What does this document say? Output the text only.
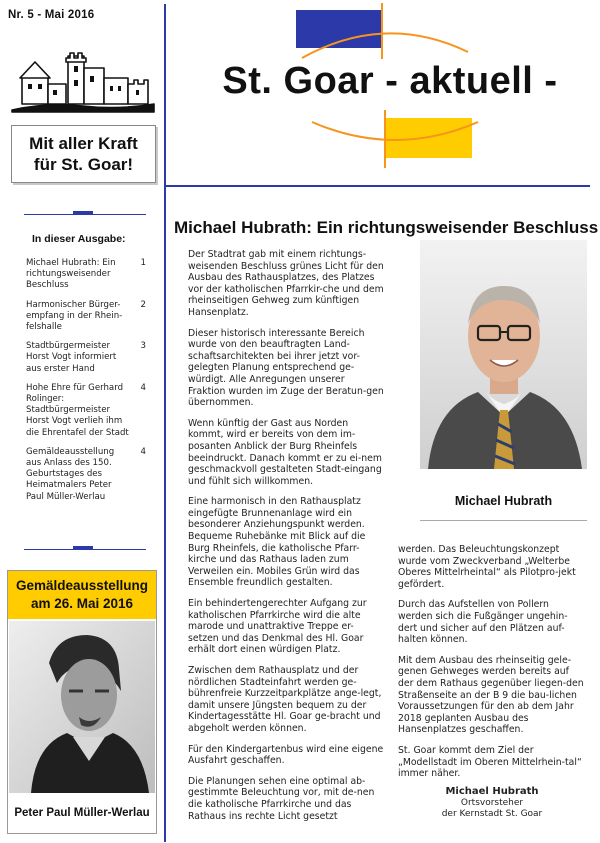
Nr. 5 - Mai 2016
St. Goar - aktuell -
Mit aller Kraft
für St. Goar!
In dieser Ausgabe:
Michael Hubrath: Ein richtungsweisender Beschluss
1
Harmonischer Bürger-empfang in der Rhein-felshalle
2
Stadtbürgermeister Horst Vogt informiert aus erster Hand
3
Hohe Ehre für Gerhard Rolinger: Stadtbürgermeister Horst Vogt verlieh ihm die Ehrentafel der Stadt
4
Gemäldeausstellung aus Anlass des 150. Geburtstages des Heimatmalers Peter Paul Müller-Werlau
4
Gemäldeausstellung
am 26. Mai 2016
Peter Paul Müller-Werlau
Michael Hubrath: Ein richtungsweisender Beschluss

Der Stadtrat gab mit einem richtungs-weisenden Beschluss grünes Licht für den Ausbau des Rathausplatzes, des Platzes vor der katholischen Pfarrkir-che und dem rheinseitigen Gehweg zum künftigen Hansenplatz.

Dieser historisch interessante Bereich wurde von den beauftragten Land-schaftsarchitekten bei ihrer jetzt vor-gelegten Planung entsprechend ge-würdigt. Alle Anregungen unserer Fraktion wurden im Zuge der Beratun-gen übernommen.

Wenn künftig der Gast aus Norden kommt, wird er bereits von dem im-posanten Anblick der Burg Rheinfels beeindruckt. Danach kommt er zu ei-nem geschmackvoll gestalteten Stadt-eingang und fühlt sich willkommen.

Eine harmonisch in den Rathausplatz eingefügte Brunnenanlage wird ein besonderer Anziehungspunkt werden. Bequeme Ruhebänke mit Blick auf die Burg Rheinfels, die katholische Pfarr-kirche und das Rathaus laden zum Verweilen ein. Mobiles Grün wird das Ensemble freundlich gestalten.

Ein behindertengerechter Aufgang zur katholischen Pfarrkirche wird die alte marode und unattraktive Treppe er-setzen und das Denkmal des Hl. Goar erhält dort einen würdigen Platz.

Zwischen dem Rathausplatz und der nördlichen Stadteinfahrt werden ge-bührenfreie Kurzzeitparkplätze ange-legt, damit unsere Jüngsten bequem zu der Kindertagesstätte Hl. Goar ge-bracht und abgeholt werden können.

Für den Kindergartenbus wird eine eigene Ausfahrt geschaffen.

Die Planungen sehen eine optimal ab-gestimmte Beleuchtung vor, mit de-nen die katholische Pfarrkirche und das Rathaus ins rechte Licht gesetzt

Michael Hubrath

werden. Das Beleuchtungskonzept wurde vom Zweckverband „Welterbe Oberes Mittelrheintal“ als Pilotpro-jekt gefördert.

Durch das Aufstellen von Pollern werden sich die Fußgänger ungehin-dert und sicher auf den Plätzen auf-halten können.

Mit dem Ausbau des rheinseitig gele-genen Gehweges werden bereits auf der dem Rathaus gegenüber liegen-den Straßenseite an der B 9 die bau-lichen Voraussetzungen für den ab dem Jahr 2018 geplanten Ausbau des Hansenplatzes geschaffen.

St. Goar kommt dem Ziel der „Modellstadt im Oberen Mittelrhein-tal“ immer näher.

Michael Hubrath
Ortsvorsteher
der Kernstadt St. Goar
